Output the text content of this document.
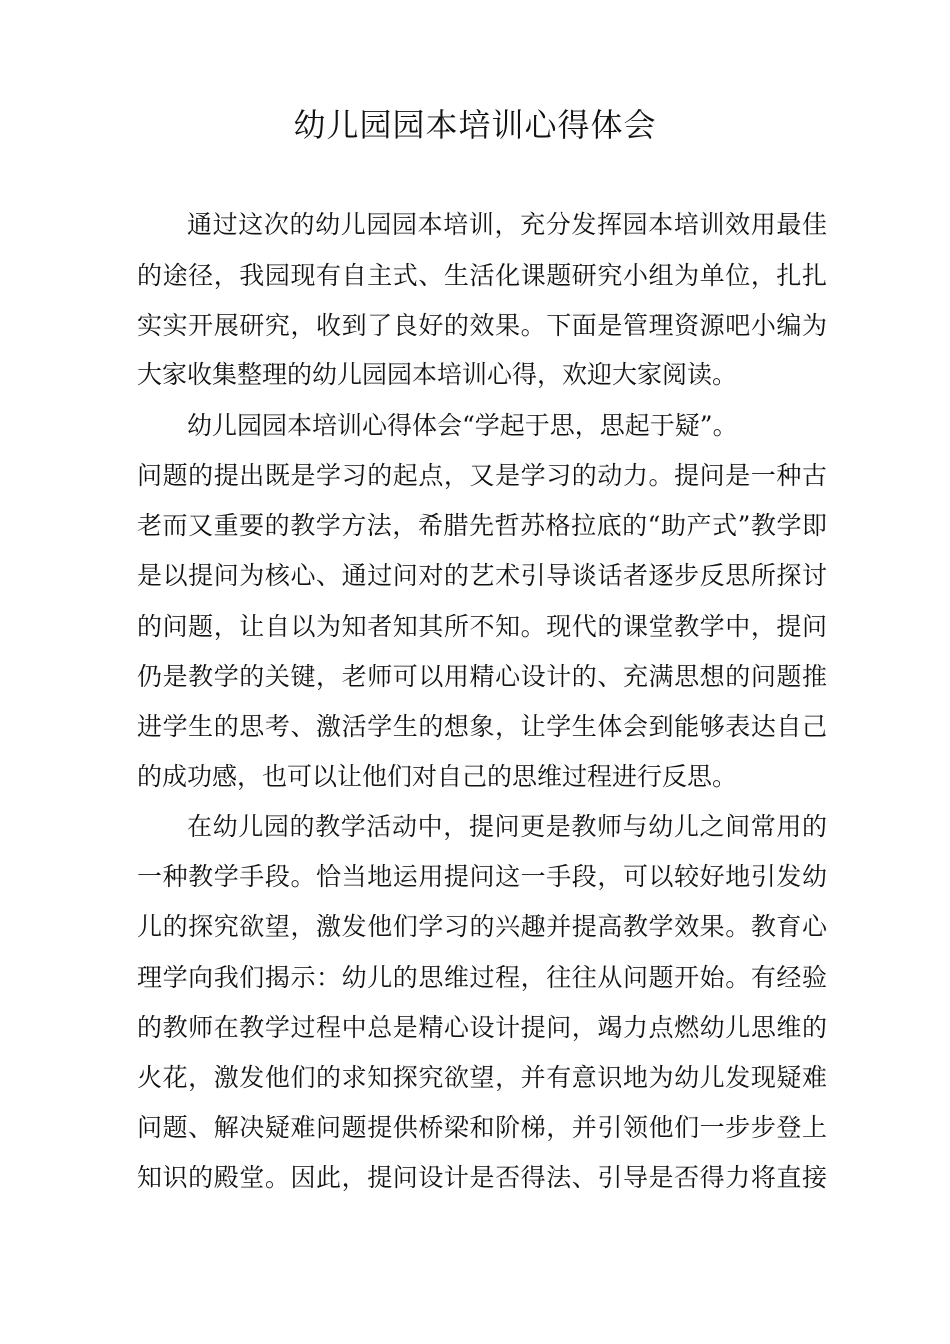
幼儿园园本培训心得体会

通过这次的幼儿园园本培训，充分发挥园本培训效用最佳

的途径，我园现有自主式、生活化课题研究小组为单位，扎扎

实实开展研究，收到了良好的效果。下面是管理资源吧小编为

大家收集整理的幼儿园园本培训心得，欢迎大家阅读。

幼儿园园本培训心得体会“学起于思，思起于疑”。

问题的提出既是学习的起点，又是学习的动力。提问是一种古

老而又重要的教学方法，希腊先哲苏格拉底的“助产式”教学即

是以提问为核心、通过问对的艺术引导谈话者逐步反思所探讨

的问题，让自以为知者知其所不知。现代的课堂教学中，提问

仍是教学的关键，老师可以用精心设计的、充满思想的问题推

进学生的思考、激活学生的想象，让学生体会到能够表达自己

的成功感，也可以让他们对自己的思维过程进行反思。

在幼儿园的教学活动中，提问更是教师与幼儿之间常用的

一种教学手段。恰当地运用提问这一手段，可以较好地引发幼

儿的探究欲望，激发他们学习的兴趣并提高教学效果。教育心

理学向我们揭示：幼儿的思维过程，往往从问题开始。有经验

的教师在教学过程中总是精心设计提问，竭力点燃幼儿思维的

火花，激发他们的求知探究欲望，并有意识地为幼儿发现疑难

问题、解决疑难问题提供桥梁和阶梯，并引领他们一步步登上

知识的殿堂。因此，提问设计是否得法、引导是否得力将直接
